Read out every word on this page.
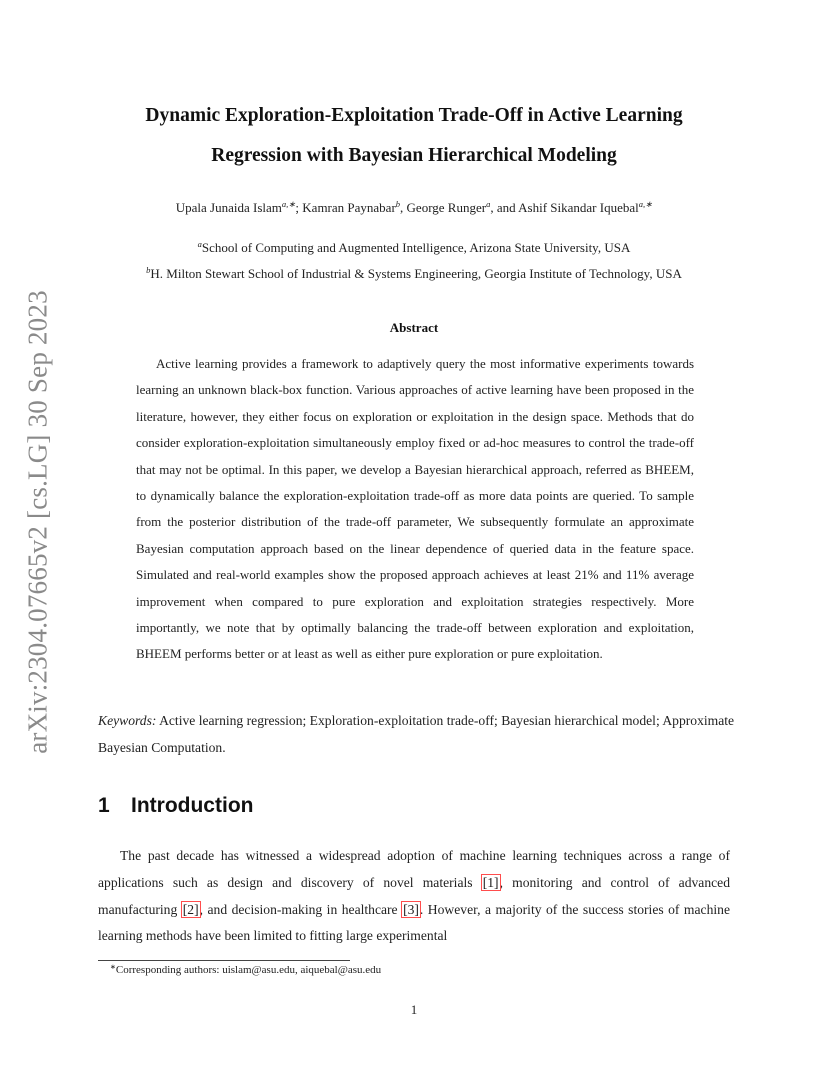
arXiv:2304.07665v2 [cs.LG] 30 Sep 2023
Dynamic Exploration-Exploitation Trade-Off in Active Learning
Regression with Bayesian Hierarchical Modeling
Upala Junaida Islam$^{a,∗}$; Kamran Paynabar$^b$, George Runger$^a$, and Ashif Sikandar Iquebal$^{a,∗}$
$^a$School of Computing and Augmented Intelligence, Arizona State University, USA
$^b$H. Milton Stewart School of Industrial & Systems Engineering, Georgia Institute of Technology, USA
Abstract
Active learning provides a framework to adaptively query the most informative experiments towards learning an unknown black-box function. Various approaches of active learning have been proposed in the literature, however, they either focus on exploration or exploitation in the design space. Methods that do consider exploration-exploitation simultaneously employ fixed or ad-hoc measures to control the trade-off that may not be optimal. In this paper, we develop a Bayesian hierarchical approach, referred as BHEEM, to dynamically balance the exploration-exploitation trade-off as more data points are queried. To sample from the posterior distribution of the trade-off parameter, We subsequently formulate an approximate Bayesian computation approach based on the linear dependence of queried data in the feature space. Simulated and real-world examples show the proposed approach achieves at least 21% and 11% average improvement when compared to pure exploration and exploitation strategies respectively. More importantly, we note that by optimally balancing the trade-off between exploration and exploitation, BHEEM performs better or at least as well as either pure exploration or pure exploitation.
Keywords: Active learning regression; Exploration-exploitation trade-off; Bayesian hierarchical model; Approximate Bayesian Computation.
1 Introduction
The past decade has witnessed a widespread adoption of machine learning techniques across a range of applications such as design and discovery of novel materials [1], monitoring and control of advanced manufacturing [2], and decision-making in healthcare [3]. However, a majority of the success stories of machine learning methods have been limited to fitting large experimental
∗Corresponding authors: uislam@asu.edu, aiquebal@asu.edu
1
